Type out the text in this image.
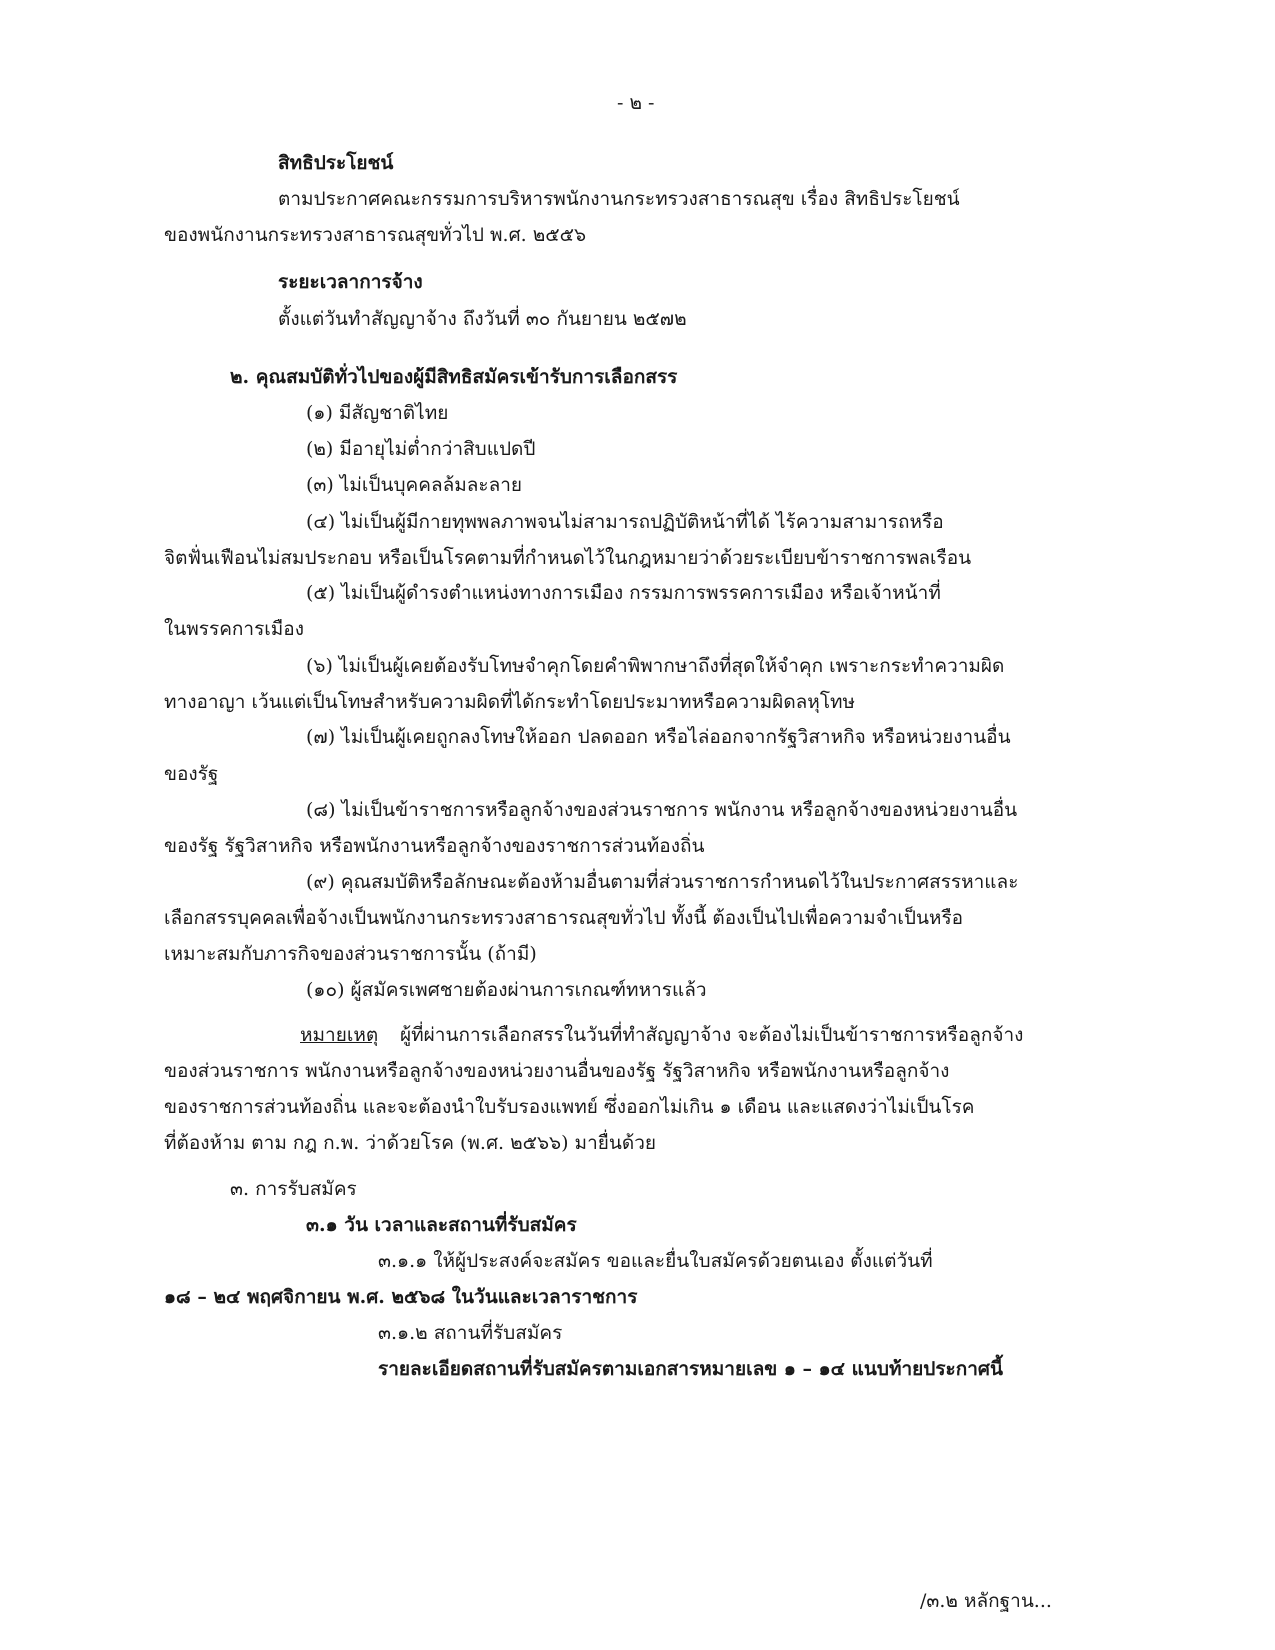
- ๒ -
สิทธิประโยชน์
ตามประกาศคณะกรรมการบริหารพนักงานกระทรวงสาธารณสุข เรื่อง สิทธิประโยชน์
ของพนักงานกระทรวงสาธารณสุขทั่วไป พ.ศ. ๒๕๕๖
ระยะเวลาการจ้าง
ตั้งแต่วันทำสัญญาจ้าง ถึงวันที่ ๓๐ กันยายน ๒๕๗๒
๒. คุณสมบัติทั่วไปของผู้มีสิทธิสมัครเข้ารับการเลือกสรร
(๑) มีสัญชาติไทย
(๒) มีอายุไม่ต่ำกว่าสิบแปดปี
(๓) ไม่เป็นบุคคลล้มละลาย
(๔) ไม่เป็นผู้มีกายทุพพลภาพจนไม่สามารถปฏิบัติหน้าที่ได้ ไร้ความสามารถหรือ
จิตฟั่นเฟือนไม่สมประกอบ หรือเป็นโรคตามที่กำหนดไว้ในกฎหมายว่าด้วยระเบียบข้าราชการพลเรือน
(๕) ไม่เป็นผู้ดำรงตำแหน่งทางการเมือง กรรมการพรรคการเมือง หรือเจ้าหน้าที่
ในพรรคการเมือง
(๖) ไม่เป็นผู้เคยต้องรับโทษจำคุกโดยคำพิพากษาถึงที่สุดให้จำคุก เพราะกระทำความผิด
ทางอาญา เว้นแต่เป็นโทษสำหรับความผิดที่ได้กระทำโดยประมาทหรือความผิดลหุโทษ
(๗) ไม่เป็นผู้เคยถูกลงโทษให้ออก ปลดออก หรือไล่ออกจากรัฐวิสาหกิจ หรือหน่วยงานอื่น
ของรัฐ
(๘) ไม่เป็นข้าราชการหรือลูกจ้างของส่วนราชการ พนักงาน หรือลูกจ้างของหน่วยงานอื่น
ของรัฐ รัฐวิสาหกิจ หรือพนักงานหรือลูกจ้างของราชการส่วนท้องถิ่น
(๙) คุณสมบัติหรือลักษณะต้องห้ามอื่นตามที่ส่วนราชการกำหนดไว้ในประกาศสรรหาและ
เลือกสรรบุคคลเพื่อจ้างเป็นพนักงานกระทรวงสาธารณสุขทั่วไป ทั้งนี้ ต้องเป็นไปเพื่อความจำเป็นหรือ
เหมาะสมกับภารกิจของส่วนราชการนั้น (ถ้ามี)
(๑๐) ผู้สมัครเพศชายต้องผ่านการเกณฑ์ทหารแล้ว
หมายเหตุ ผู้ที่ผ่านการเลือกสรรในวันที่ทำสัญญาจ้าง จะต้องไม่เป็นข้าราชการหรือลูกจ้าง
ของส่วนราชการ พนักงานหรือลูกจ้างของหน่วยงานอื่นของรัฐ รัฐวิสาหกิจ หรือพนักงานหรือลูกจ้าง
ของราชการส่วนท้องถิ่น และจะต้องนำใบรับรองแพทย์ ซึ่งออกไม่เกิน ๑ เดือน และแสดงว่าไม่เป็นโรค
ที่ต้องห้าม ตาม กฎ ก.พ. ว่าด้วยโรค (พ.ศ. ๒๕๖๖) มายื่นด้วย
๓. การรับสมัคร
๓.๑ วัน เวลาและสถานที่รับสมัคร
๓.๑.๑ ให้ผู้ประสงค์จะสมัคร ขอและยื่นใบสมัครด้วยตนเอง ตั้งแต่วันที่
๑๘ – ๒๔ พฤศจิกายน พ.ศ. ๒๕๖๘ ในวันและเวลาราชการ
๓.๑.๒ สถานที่รับสมัคร
รายละเอียดสถานที่รับสมัครตามเอกสารหมายเลข ๑ – ๑๔ แนบท้ายประกาศนี้
/๓.๒ หลักฐาน...
